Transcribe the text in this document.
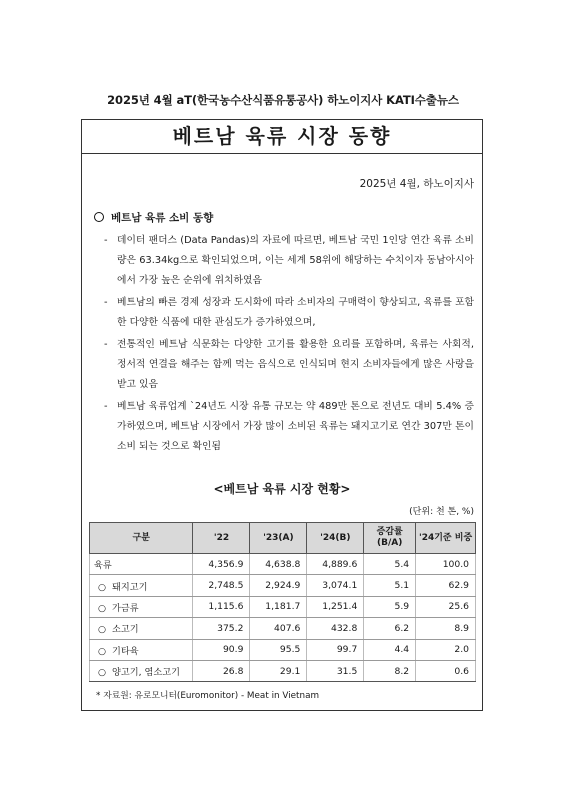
2025년 4월 aT(한국농수산식품유통공사) 하노이지사 KATI수출뉴스
베트남 육류 시장 동향
2025년 4월, 하노이지사
베트남 육류 소비 동향
- 데이터 팬더스 (Data Pandas)의 자료에 따르면, 베트남 국민 1인당 연간 육류 소비량은 63.34kg으로 확인되었으며, 이는 세계 58위에 해당하는 수치이자 동남아시아에서 가장 높은 순위에 위치하였음
- 베트남의 빠른 경제 성장과 도시화에 따라 소비자의 구매력이 향상되고, 육류를 포함한 다양한 식품에 대한 관심도가 증가하였으며,
- 전통적인 베트남 식문화는 다양한 고기를 활용한 요리를 포함하며, 육류는 사회적, 정서적 연결을 해주는 함께 먹는 음식으로 인식되며 현지 소비자들에게 많은 사랑을 받고 있음
- 베트남 육류업계 `24년도 시장 유통 규모는 약 489만 톤으로 전년도 대비 5.4% 증가하였으며, 베트남 시장에서 가장 많이 소비된 육류는 돼지고기로 연간 307만 톤이 소비 되는 것으로 확인됨
<베트남 육류 시장 현황>
(단위: 천 톤, %)
구분	'22	'23(A)	'24(B)	증감률 (B/A)	'24기준 비중
육류	4,356.9	4,638.8	4,889.6	5.4	100.0
○ 돼지고기	2,748.5	2,924.9	3,074.1	5.1	62.9
○ 가금류	1,115.6	1,181.7	1,251.4	5.9	25.6
○ 소고기	375.2	407.6	432.8	6.2	8.9
○ 기타육	90.9	95.5	99.7	4.4	2.0
○ 양고기, 염소고기	26.8	29.1	31.5	8.2	0.6
* 자료원: 유로모니터(Euromonitor) - Meat in Vietnam
